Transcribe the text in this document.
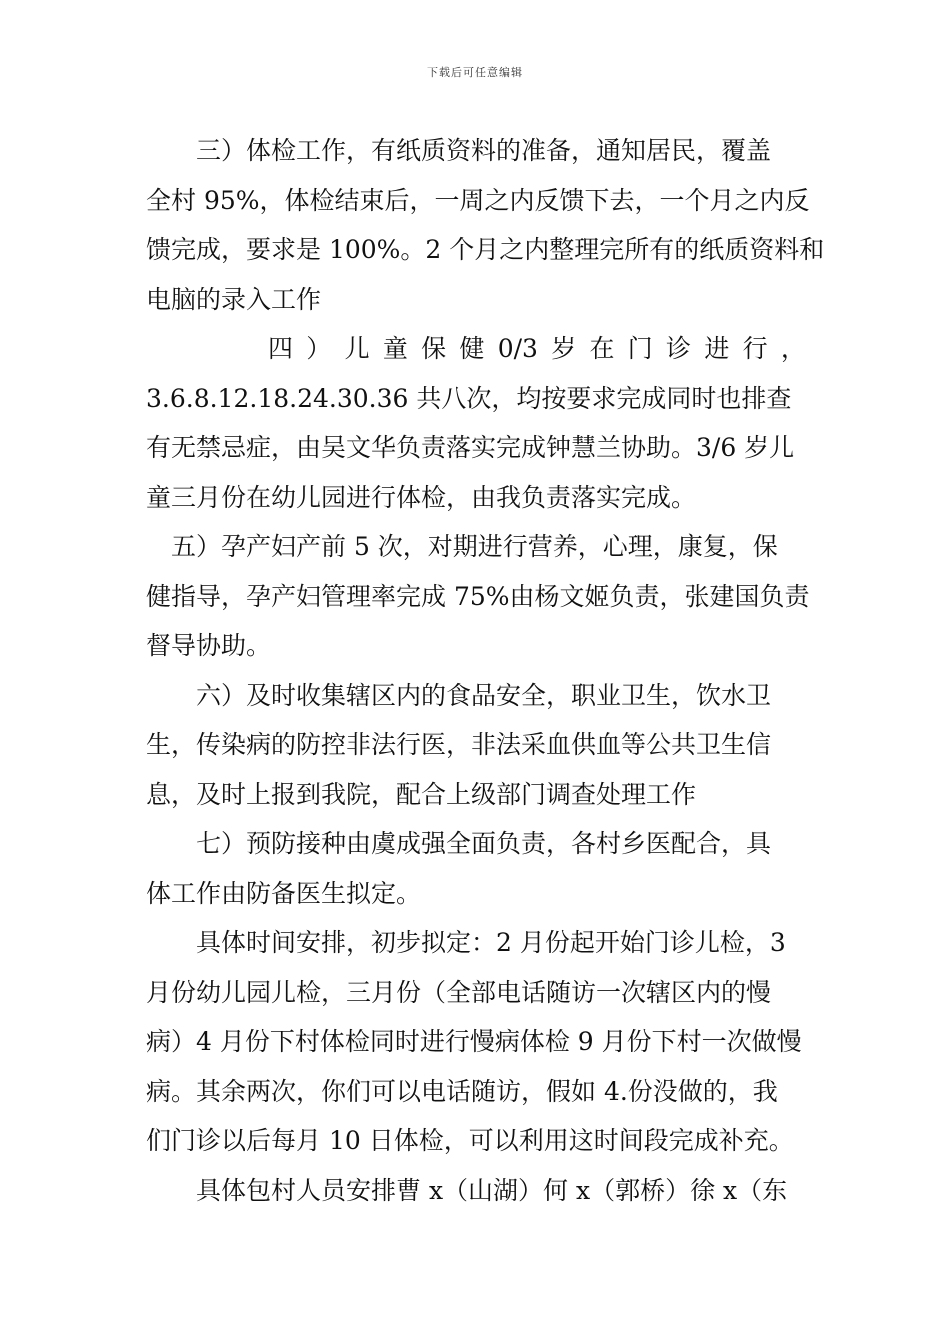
下载后可任意编辑
　　三）体检工作，有纸质资料的准备，通知居民，覆盖
全村 95%，体检结束后，一周之内反馈下去，一个月之内反
馈完成，要求是 100%。2 个月之内整理完所有的纸质资料和
电脑的录入工作
四 ） 儿 童 保 健 0/3 岁 在 门 诊 进 行 ，
3.6.8.12.18.24.30.36 共八次，均按要求完成同时也排查
有无禁忌症，由吴文华负责落实完成钟慧兰协助。3/6 岁儿
童三月份在幼儿园进行体检，由我负责落实完成。
　五）孕产妇产前 5 次，对期进行营养，心理，康复，保
健指导，孕产妇管理率完成 75%由杨文姬负责，张建国负责
督导协助。
　　六）及时收集辖区内的食品安全，职业卫生，饮水卫
生，传染病的防控非法行医，非法采血供血等公共卫生信
息，及时上报到我院，配合上级部门调查处理工作
　　七）预防接种由虞成强全面负责，各村乡医配合，具
体工作由防备医生拟定。
　　具体时间安排，初步拟定：2 月份起开始门诊儿检，3
月份幼儿园儿检，三月份（全部电话随访一次辖区内的慢
病）4 月份下村体检同时进行慢病体检 9 月份下村一次做慢
病。其余两次，你们可以电话随访，假如 4.份没做的，我
们门诊以后每月 10 日体检，可以利用这时间段完成补充。
　　具体包村人员安排曹 x（山湖）何 x（郭桥）徐 x（东
